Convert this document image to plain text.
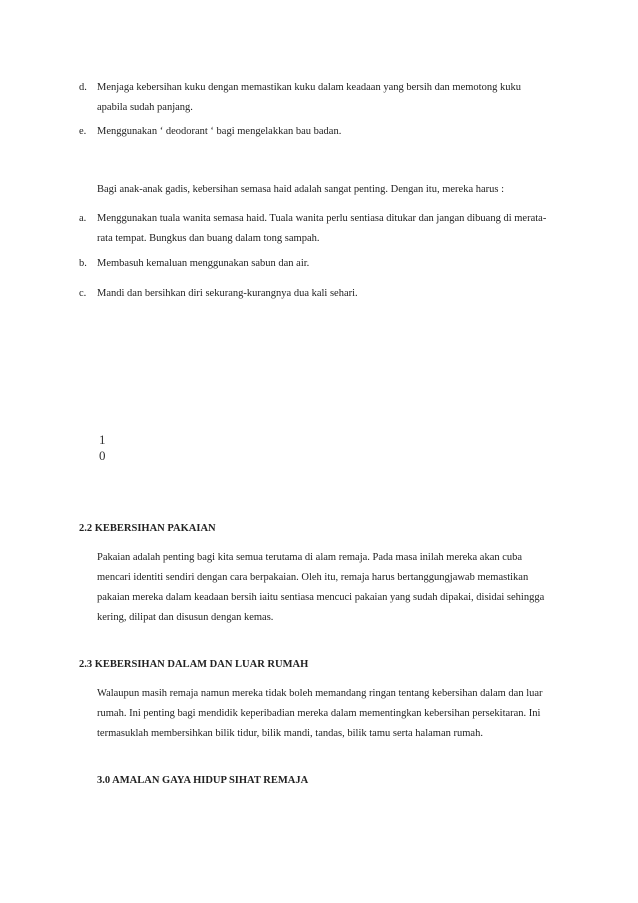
d. Menjaga kebersihan kuku dengan memastikan kuku dalam keadaan yang bersih dan memotong kuku apabila sudah panjang.
e.	Menggunakan ‘ deodorant ‘ bagi mengelakkan bau badan.
Bagi anak-anak gadis, kebersihan semasa haid adalah sangat penting. Dengan itu, mereka harus :
a.	Menggunakan tuala wanita semasa haid. Tuala wanita perlu sentiasa ditukar dan jangan dibuang di merata-rata tempat. Bungkus dan buang dalam tong sampah.
b. Membasuh kemaluan menggunakan sabun dan air.
c.	Mandi dan bersihkan diri sekurang-kurangnya dua kali sehari.
1
0
2.2 KEBERSIHAN PAKAIAN
Pakaian adalah penting bagi kita semua terutama di alam remaja. Pada masa inilah mereka akan cuba mencari identiti sendiri dengan cara berpakaian. Oleh itu, remaja harus bertanggungjawab memastikan pakaian mereka dalam keadaan bersih iaitu sentiasa mencuci pakaian yang sudah dipakai, disidai sehingga kering, dilipat dan disusun dengan kemas.
2.3 KEBERSIHAN DALAM DAN LUAR RUMAH
Walaupun masih remaja namun mereka tidak boleh memandang ringan tentang kebersihan dalam dan luar rumah. Ini penting bagi mendidik keperibadian mereka dalam mementingkan kebersihan persekitaran. Ini termasuklah membersihkan bilik tidur, bilik mandi, tandas, bilik tamu serta halaman rumah.
3.0 AMALAN GAYA HIDUP SIHAT REMAJA
